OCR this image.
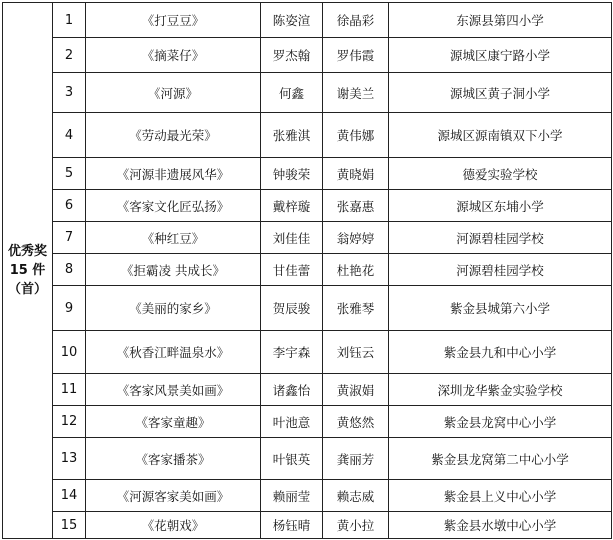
优秀奖
15 件
（首）	1	《打豆豆》	陈姿渲	徐晶彩	东源县第四小学
	2	《摘菜仔》	罗杰翰	罗伟霞	源城区康宁路小学
	3	《河源》	何鑫	谢美兰	源城区黄子洞小学
	4	《劳动最光荣》	张雅淇	黄伟娜	源城区源南镇双下小学
	5	《河源非遗展风华》	钟骏荣	黄晓娟	德爱实验学校
	6	《客家文化匠弘扬》	戴梓璇	张嘉惠	源城区东埔小学
	7	《种红豆》	刘佳佳	翁婷婷	河源碧桂园学校
	8	《拒霸凌 共成长》	甘佳蕾	杜艳花	河源碧桂园学校
	9	《美丽的家乡》	贺辰骏	张雅琴	紫金县城第六小学
	10	《秋香江畔温泉水》	李宇森	刘钰云	紫金县九和中心小学
	11	《客家风景美如画》	诸鑫怡	黄淑娟	深圳龙华紫金实验学校
	12	《客家童趣》	叶池意	黄悠然	紫金县龙窝中心小学
	13	《客家播茶》	叶银英	龚丽芳	紫金县龙窝第二中心小学
	14	《河源客家美如画》	赖丽莹	赖志威	紫金县上义中心小学
	15	《花朝戏》	杨钰晴	黄小拉	紫金县水墩中心小学
